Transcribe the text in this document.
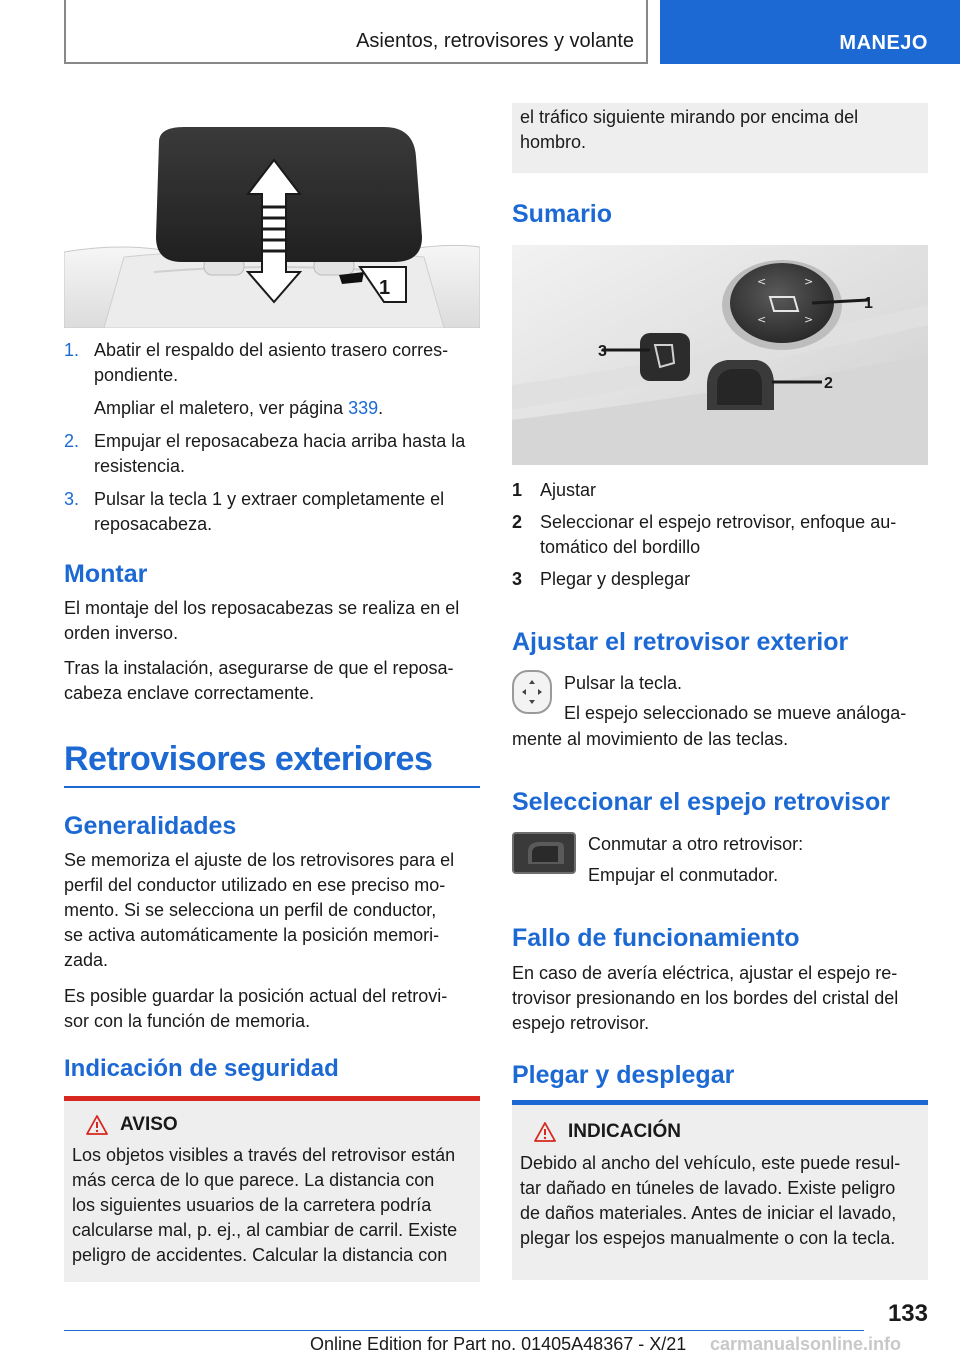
Asientos, retrovisores y volante	MANEJO
1
1. Abatir el respaldo del asiento trasero corres-
pondiente.
Ampliar el maletero, ver página 339.
2. Empujar el reposacabeza hacia arriba hasta la
resistencia.
3. Pulsar la tecla 1 y extraer completamente el
reposacabeza.
Montar

El montaje del los reposacabezas se realiza en el
orden inverso.

Tras la instalación, asegurarse de que el reposa-
cabeza enclave correctamente.

Retrovisores exteriores
Generalidades

Se memoriza el ajuste de los retrovisores para el
perfil del conductor utilizado en ese preciso mo-
mento. Si se selecciona un perfil de conductor,
se activa automáticamente la posición memori-
zada.

Es posible guardar la posición actual del retrovi-
sor con la función de memoria.

Indicación de seguridad
AVISO

Los objetos visibles a través del retrovisor están
más cerca de lo que parece. La distancia con
los siguientes usuarios de la carretera podría
calcularse mal, p. ej., al cambiar de carril. Existe
peligro de accidentes. Calcular la distancia con

el tráfico siguiente mirando por encima del
hombro.

Sumario
<	>
<	>
1
3
2
1 Ajustar
2 Seleccionar el espejo retrovisor, enfoque au-
tomático del bordillo
3 Plegar y desplegar
Ajustar el retrovisor exterior

Pulsar la tecla.

El espejo seleccionado se mueve análoga-

mente al movimiento de las teclas.

Seleccionar el espejo retrovisor

Conmutar a otro retrovisor:

Empujar el conmutador.

Fallo de funcionamiento

En caso de avería eléctrica, ajustar el espejo re-
trovisor presionando en los bordes del cristal del
espejo retrovisor.

Plegar y desplegar
INDICACIÓN

Debido al ancho del vehículo, este puede resul-
tar dañado en túneles de lavado. Existe peligro
de daños materiales. Antes de iniciar el lavado,
plegar los espejos manualmente o con la tecla.

133
Online Edition for Part no. 01405A48367 - X/21 carmanualsonline.info
